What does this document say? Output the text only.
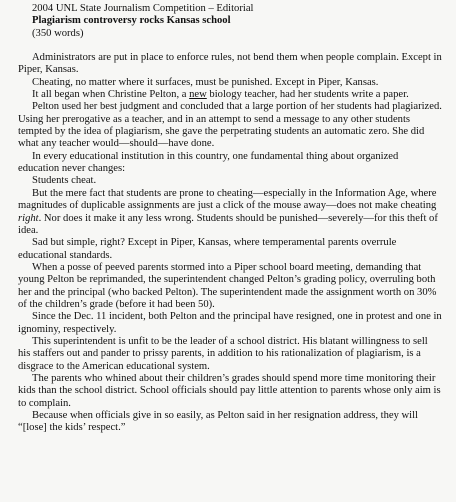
2004 UNL State Journalism Competition – Editorial
Plagiarism controversy rocks Kansas school
(350 words)

Administrators are put in place to enforce rules, not bend them when people complain. Except in Piper, Kansas.

Cheating, no matter where it surfaces, must be punished. Except in Piper, Kansas.

It all began when Christine Pelton, a new biology teacher, had her students write a paper.

Pelton used her best judgment and concluded that a large portion of her students had plagiarized. Using her prerogative as a teacher, and in an attempt to send a message to any other students tempted by the idea of plagiarism, she gave the perpetrating students an automatic zero. She did what any teacher would—should—have done.

In every educational institution in this country, one fundamental thing about organized education never changes:

Students cheat.

But the mere fact that students are prone to cheating—especially in the Information Age, where magnitudes of duplicable assignments are just a click of the mouse away—does not make cheating right. Nor does it make it any less wrong. Students should be punished—severely—for this theft of idea.

Sad but simple, right? Except in Piper, Kansas, where temperamental parents overrule educational standards.

When a posse of peeved parents stormed into a Piper school board meeting, demanding that young Pelton be reprimanded, the superintendent changed Pelton’s grading policy, overruling both her and the principal (who backed Pelton). The superintendent made the assignment worth on 30% of the children’s grade (before it had been 50).

Since the Dec. 11 incident, both Pelton and the principal have resigned, one in protest and one in ignominy, respectively.

This superintendent is unfit to be the leader of a school district. His blatant willingness to sell his staffers out and pander to prissy parents, in addition to his rationalization of plagiarism, is a disgrace to the American educational system.

The parents who whined about their children’s grades should spend more time monitoring their kids than the school district. School officials should pay little attention to parents whose only aim is to complain.

Because when officials give in so easily, as Pelton said in her resignation address, they will “[lose] the kids’ respect.”
